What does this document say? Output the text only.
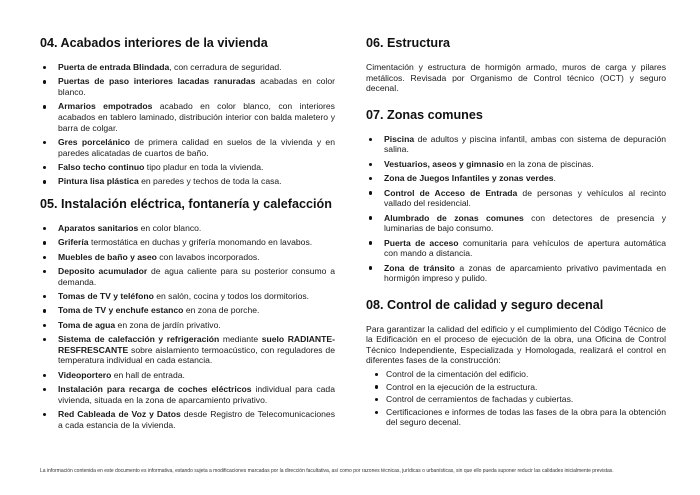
04. Acabados interiores de la vivienda
Puerta de entrada Blindada, con cerradura de seguridad.
Puertas de paso interiores lacadas ranuradas acabadas en color blanco.
Armarios empotrados acabado en color blanco, con interiores acabados en tablero laminado, distribución interior con balda maletero y barra de colgar.
Gres porcelánico de primera calidad en suelos de la vivienda y en paredes alicatadas de cuartos de baño.
Falso techo continuo tipo pladur en toda la vivienda.
Pintura lisa plástica en paredes y techos de toda la casa.
05. Instalación eléctrica, fontanería y calefacción
Aparatos sanitarios en color blanco.
Grifería termostática en duchas y grifería monomando en lavabos.
Muebles de baño y aseo con lavabos incorporados.
Deposito acumulador de agua caliente para su posterior consumo a demanda.
Tomas de TV y teléfono en salón, cocina y todos los dormitorios.
Toma de TV y enchufe estanco en zona de porche.
Toma de agua en zona de jardín privativo.
Sistema de calefacción y refrigeración mediante suelo RADIANTE-RESFRESCANTE sobre aislamiento termoacústico, con reguladores de temperatura individual en cada estancia.
Videoportero en hall de entrada.
Instalación para recarga de coches eléctricos individual para cada vivienda, situada en la zona de aparcamiento privativo.
Red Cableada de Voz y Datos desde Registro de Telecomunicaciones a cada estancia de la vivienda.
06. Estructura

Cimentación y estructura de hormigón armado, muros de carga y pilares metálicos. Revisada por Organismo de Control técnico (OCT) y seguro decenal.

07. Zonas comunes
Piscina de adultos y piscina infantil, ambas con sistema de depuración salina.
Vestuarios, aseos y gimnasio en la zona de piscinas.
Zona de Juegos Infantiles y zonas verdes.
Control de Acceso de Entrada de personas y vehículos al recinto vallado del residencial.
Alumbrado de zonas comunes con detectores de presencia y luminarias de bajo consumo.
Puerta de acceso comunitaria para vehículos de apertura automática con mando a distancia.
Zona de tránsito a zonas de aparcamiento privativo pavimentada en hormigón impreso y pulido.
08. Control de calidad y seguro decenal

Para garantizar la calidad del edificio y el cumplimiento del Código Técnico de la Edificación en el proceso de ejecución de la obra, una Oficina de Control Técnico Independiente, Especializada y Homologada, realizará el control en diferentes fases de la construcción:

Control de la cimentación del edificio.
Control en la ejecución de la estructura.
Control de cerramientos de fachadas y cubiertas.
Certificaciones e informes de todas las fases de la obra para la obtención del seguro decenal.
La información contenida en este documento es informativa, estando sujeta a modificaciones marcadas por la dirección facultativa, así como por razones técnicas, jurídicas o urbanísticas, sin que ello pueda suponer reducir las calidades inicialmente previstas.
